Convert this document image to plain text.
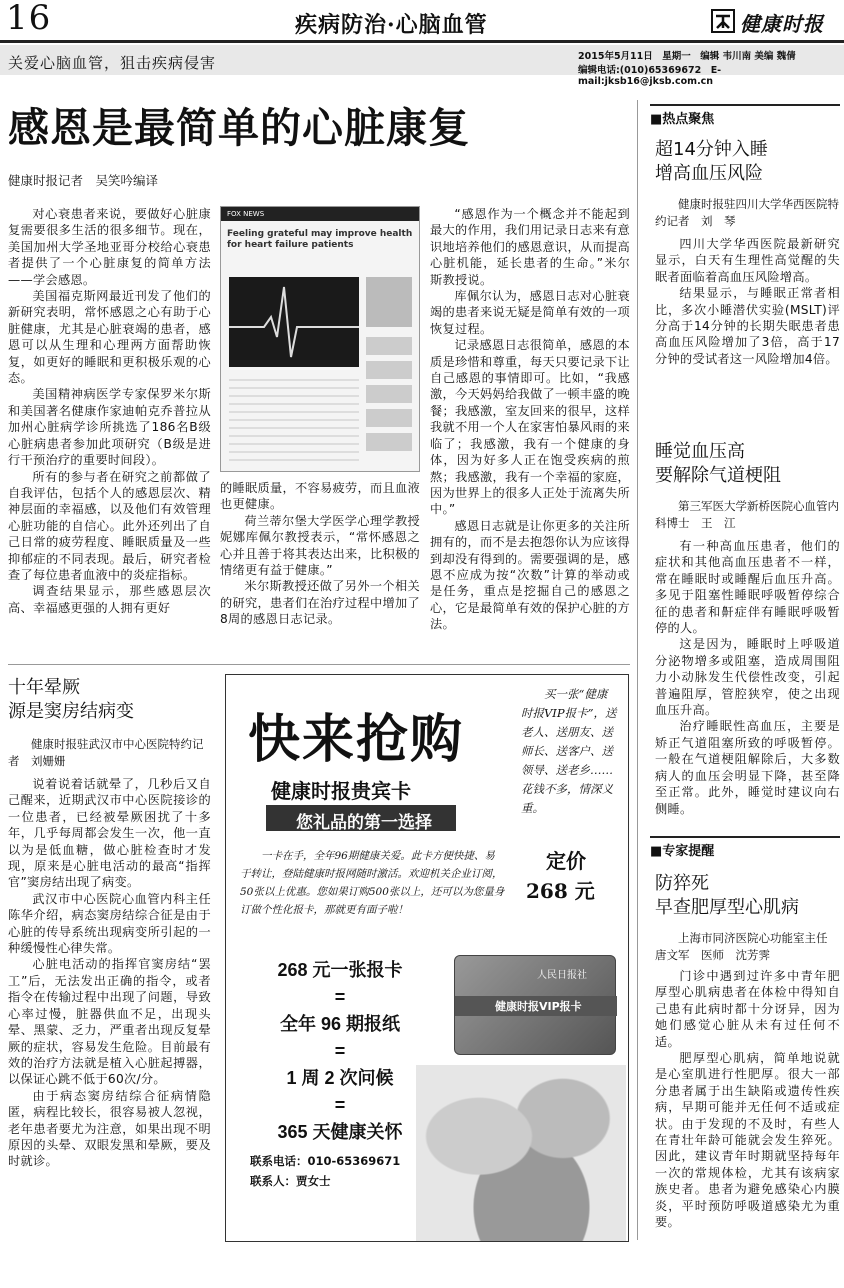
16	疾病防治·心脑血管	健康时报
关爱心脑血管，狙击疾病侵害	2015年5月11日　星期一　编辑 韦川南 美编 魏倩
编辑电话:(010)65369672　E-mail:jksb16@jksb.com.cn
感恩是最简单的心脏康复
健康时报记者　吴笑吟编译

对心衰患者来说，要做好心脏康复需要很多生活的很多细节。现在，美国加州大学圣地亚哥分校给心衰患者提供了一个心脏康复的简单方法——学会感恩。

美国福克斯网最近刊发了他们的新研究表明，常怀感恩之心有助于心脏健康，尤其是心脏衰竭的患者，感恩可以从生理和心理两方面帮助恢复，如更好的睡眠和更积极乐观的心态。

美国精神病医学专家保罗米尔斯和美国著名健康作家迪帕克乔普拉从加州心脏病学诊所挑选了186名B级心脏病患者参加此项研究（B级是进行干预治疗的重要时间段）。

所有的参与者在研究之前都做了自我评估，包括个人的感恩层次、精神层面的幸福感，以及他们有效管理心脏功能的自信心。此外还列出了自己日常的疲劳程度、睡眠质量及一些抑郁症的不同表现。最后，研究者检查了每位患者血液中的炎症指标。

调查结果显示，那些感恩层次高、幸福感更强的人拥有更好

FOX NEWS
Feeling grateful may improve health for heart failure patients

的睡眠质量，不容易疲劳，而且血液也更健康。

荷兰蒂尔堡大学医学心理学教授妮娜库佩尔教授表示，“常怀感恩之心并且善于将其表达出来，比积极的情绪更有益于健康。”

米尔斯教授还做了另外一个相关的研究，患者们在治疗过程中增加了8周的感恩日志记录。

“感恩作为一个概念并不能起到最大的作用，我们用记录日志来有意识地培养他们的感恩意识，从而提高心脏机能，延长患者的生命。”米尔斯教授说。

库佩尔认为，感恩日志对心脏衰竭的患者来说无疑是简单有效的一项恢复过程。

记录感恩日志很简单，感恩的本质是珍惜和尊重，每天只要记录下让自己感恩的事情即可。比如，“我感激，今天妈妈给我做了一顿丰盛的晚餐；我感激，室友回来的很早，这样我就不用一个人在家害怕暴风雨的来临了；我感激，我有一个健康的身体，因为好多人正在饱受疾病的煎熬；我感激，我有一个幸福的家庭，因为世界上的很多人正处于流离失所中。”

感恩日志就是让你更多的关注所拥有的，而不是去抱怨你认为应该得到却没有得到的。需要强调的是，感恩不应成为按“次数”计算的举动或是任务，重点是挖掘自己的感恩之心，它是最简单有效的保护心脏的方法。

十年晕厥
源是窦房结病变
健康时报驻武汉市中心医院特约记者　刘姗姗

说着说着话就晕了，几秒后又自己醒来，近期武汉市中心医院接诊的一位患者，已经被晕厥困扰了十多年，几乎每周都会发生一次，他一直以为是低血糖，做心脏检查时才发现，原来是心脏电活动的最高“指挥官”窦房结出现了病变。

武汉市中心医院心血管内科主任陈华介绍，病态窦房结综合征是由于心脏的传导系统出现病变所引起的一种缓慢性心律失常。

心脏电活动的指挥官窦房结“罢工”后，无法发出正确的指令，或者指令在传输过程中出现了问题，导致心率过慢，脏器供血不足，出现头晕、黑蒙、乏力，严重者出现反复晕厥的症状，容易发生危险。目前最有效的治疗方法就是植入心脏起搏器，以保证心跳不低于60次/分。

由于病态窦房结综合征病情隐匿，病程比较长，很容易被人忽视，老年患者要尤为注意，如果出现不明原因的头晕、双眼发黑和晕厥，要及时就诊。

快来抢购
健康时报贵宾卡
您礼品的第一选择
买一张“健康时报VIP报卡”，送老人、送朋友、送师长、送客户、送领导、送老乡……花钱不多，情深义重。
定价
268 元
一卡在手，全年96期健康关爱。此卡方便快捷、易于转让，登陆健康时报网随时激活。欢迎机关企业订阅，50张以上优惠。您如果订购500张以上，还可以为您量身订做个性化报卡，那就更有面子啦！
人民日报社
健康时报VIP报卡
268 元一张报卡
=
全年 96 期报纸
=
1 周 2 次问候
=
365 天健康关怀
联系电话：010-65369671
联系人：贾女士
■热点聚焦
超14分钟入睡
增高血压风险
健康时报驻四川大学华西医院特约记者　刘　琴

四川大学华西医院最新研究显示，白天有生理性高觉醒的失眠者面临着高血压风险增高。

结果显示，与睡眠正常者相比，多次小睡潜伏实验(MSLT)评分高于14分钟的长期失眠患者患高血压风险增加了3倍，高于17分钟的受试者这一风险增加4倍。

睡觉血压高
要解除气道梗阻
第三军医大学新桥医院心血管内科博士　王　江

有一种高血压患者，他们的症状和其他高血压患者不一样，常在睡眠时或睡醒后血压升高。多见于阻塞性睡眠呼吸暂停综合征的患者和鼾症伴有睡眠呼吸暂停的人。

这是因为，睡眠时上呼吸道分泌物增多或阻塞，造成周围阻力小动脉发生代偿性改变，引起普遍阻厚，管腔狭窄，使之出现血压升高。

治疗睡眠性高血压，主要是矫正气道阻塞所致的呼吸暂停。一般在气道梗阻解除后，大多数病人的血压会明显下降，甚至降至正常。此外，睡觉时建议向右侧睡。

■专家提醒
防猝死
早查肥厚型心肌病
上海市同济医院心功能室主任　唐文军　医师　沈芳霁

门诊中遇到过许多中青年肥厚型心肌病患者在体检中得知自己患有此病时都十分讶异，因为她们感觉心脏从未有过任何不适。

肥厚型心肌病，简单地说就是心室肌进行性肥厚。很大一部分患者属于出生缺陷或遗传性疾病，早期可能并无任何不适或症状。由于发现的不及时，有些人在青壮年龄可能就会发生猝死。因此，建议青年时期就坚持每年一次的常规体检，尤其有该病家族史者。患者为避免感染心内膜炎，平时预防呼吸道感染尤为重要。
